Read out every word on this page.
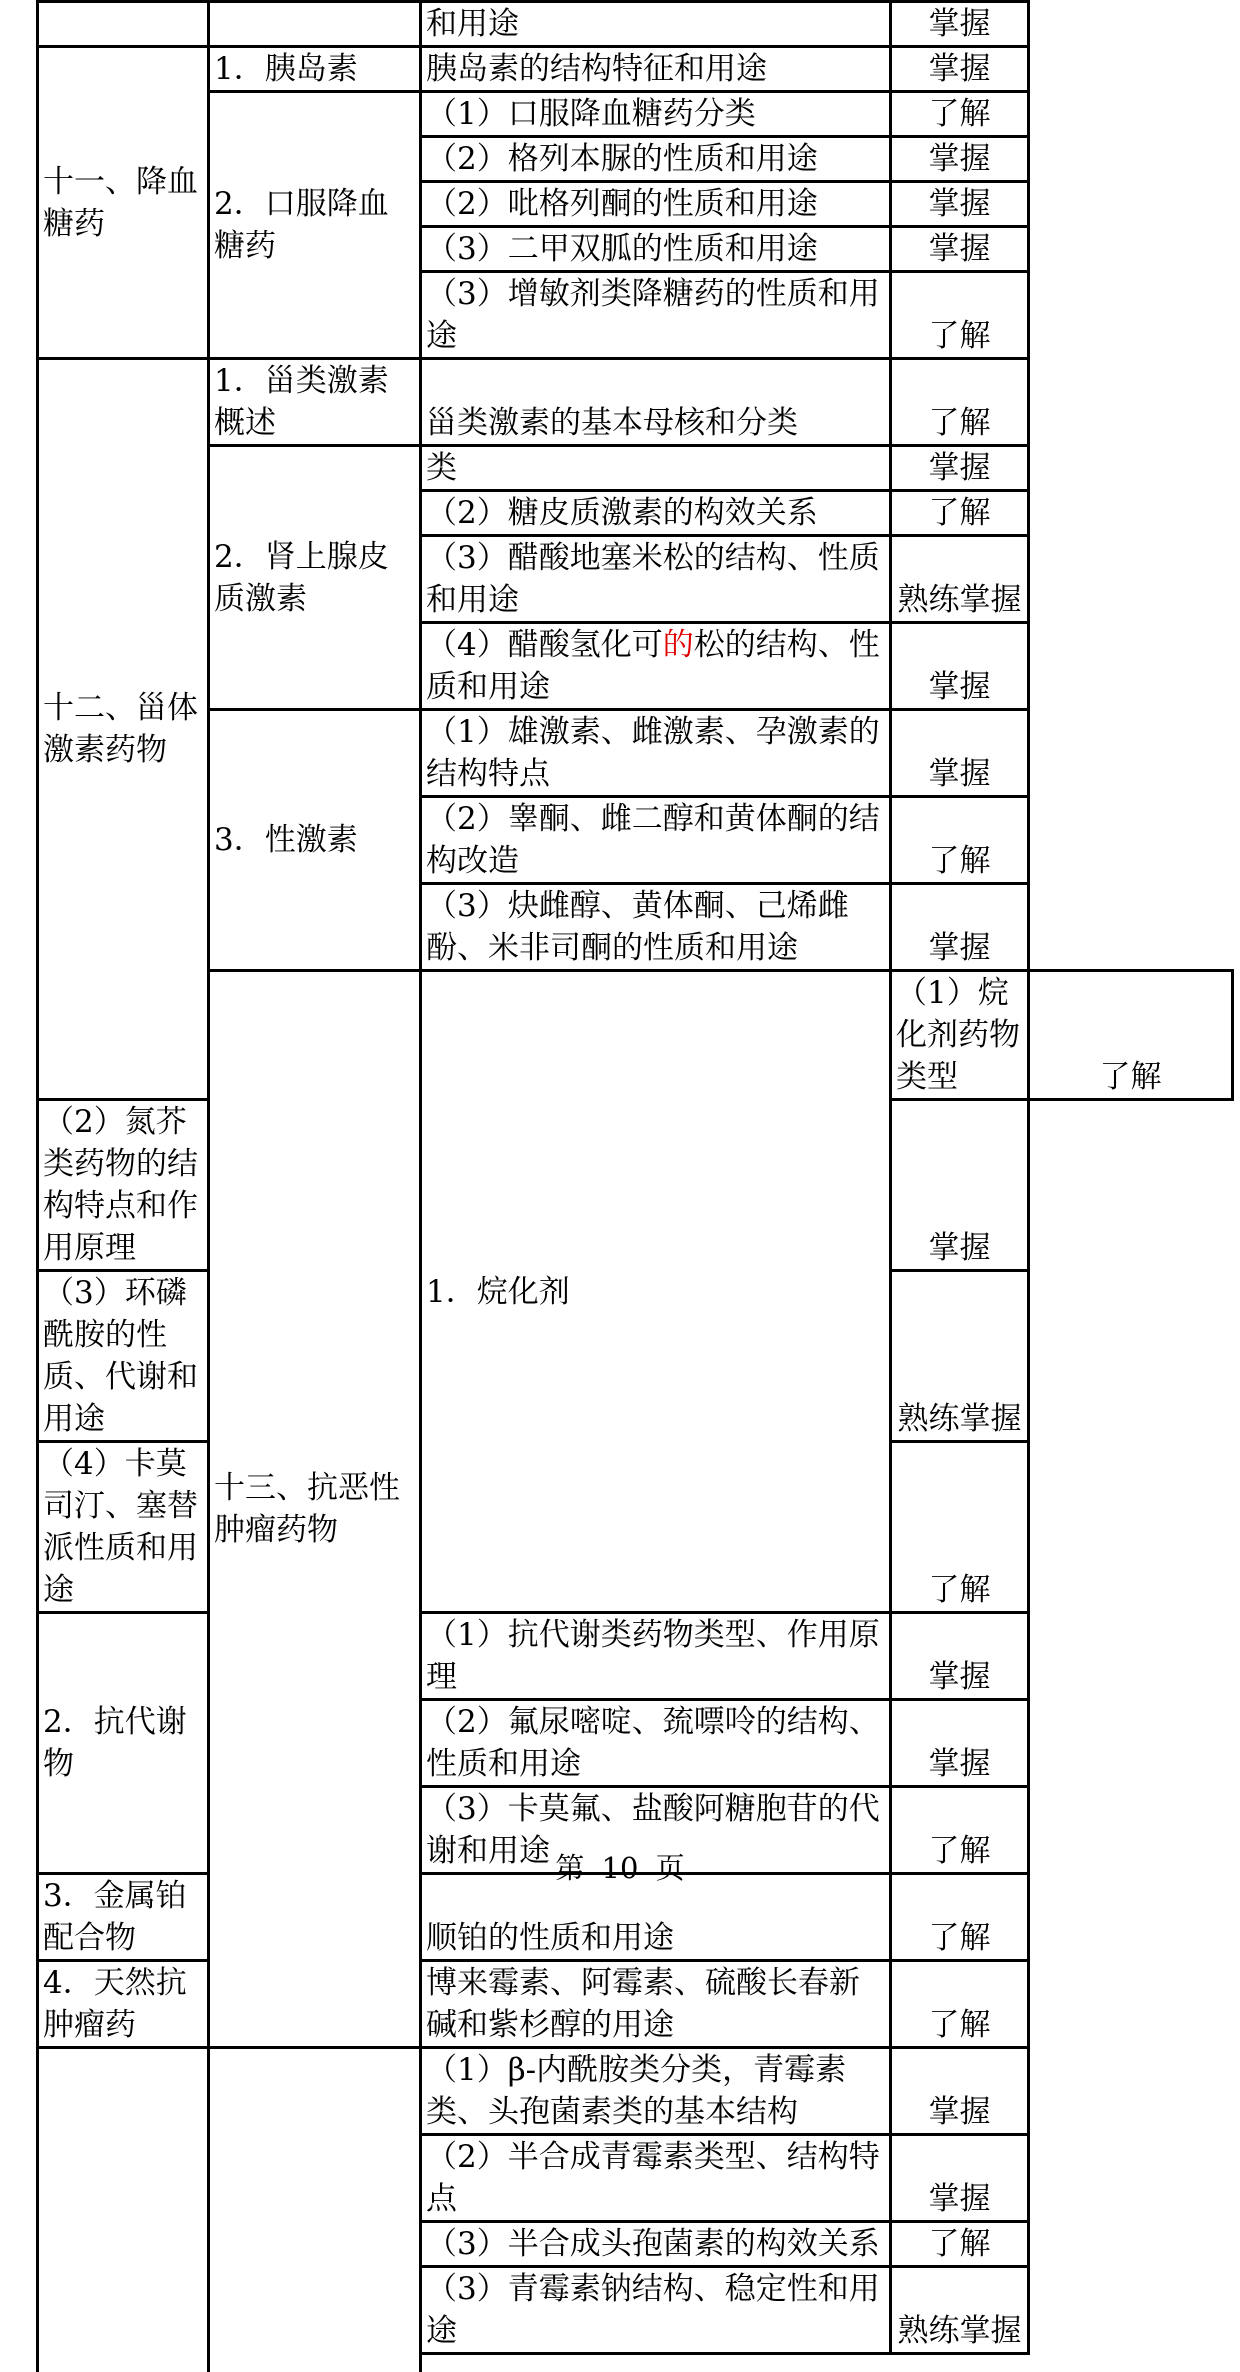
		和用途	掌握	
十一、降血糖药	1．胰岛素	胰岛素的结构特征和用途	掌握	
	2．口服降血糖药	（1）口服降血糖药分类	了解	
		（2）格列本脲的性质和用途	掌握	
		（2）吡格列酮的性质和用途	掌握	
		（3）二甲双胍的性质和用途	掌握	
		（3）增敏剂类降糖药的性质和用途	了解	
十二、甾体激素药物	1．甾类激素概述	甾类激素的基本母核和分类	了解	
	2．肾上腺皮质激素	类	掌握	
		（2）糖皮质激素的构效关系	了解	
		（3）醋酸地塞米松的结构、性质和用途	熟练掌握	
		（4）醋酸氢化可的松的结构、性质和用途	掌握	
	3．性激素	（1）雄激素、雌激素、孕激素的结构特点	掌握	
		（2）睾酮、雌二醇和黄体酮的结构改造	了解	
		（3）炔雌醇、黄体酮、己烯雌酚、米非司酮的性质和用途	掌握	
	十三、抗恶性肿瘤药物	1．烷化剂	（1）烷化剂药物类型	了解
（2）氮芥类药物的结构特点和作用原理			掌握	
（3）环磷酰胺的性质、代谢和用途			熟练掌握	
（4）卡莫司汀、塞替派性质和用途			了解	
2．抗代谢物		（1）抗代谢类药物类型、作用原理	掌握	
		（2）氟尿嘧啶、巯嘌呤的结构、性质和用途	掌握	
		（3）卡莫氟、盐酸阿糖胞苷的代谢和用途	了解	
3．金属铂配合物		顺铂的性质和用途	了解	
4．天然抗肿瘤药		博来霉素、阿霉素、硫酸长春新碱和紫杉醇的用途	了解	
		（1）β-内酰胺类分类，青霉素类、头孢菌素类的基本结构	掌握	
		（2）半合成青霉素类型、结构特点	掌握	
		（3）半合成头孢菌素的构效关系	了解	
		（3）青霉素钠结构、稳定性和用途	熟练掌握	

第 10 页
